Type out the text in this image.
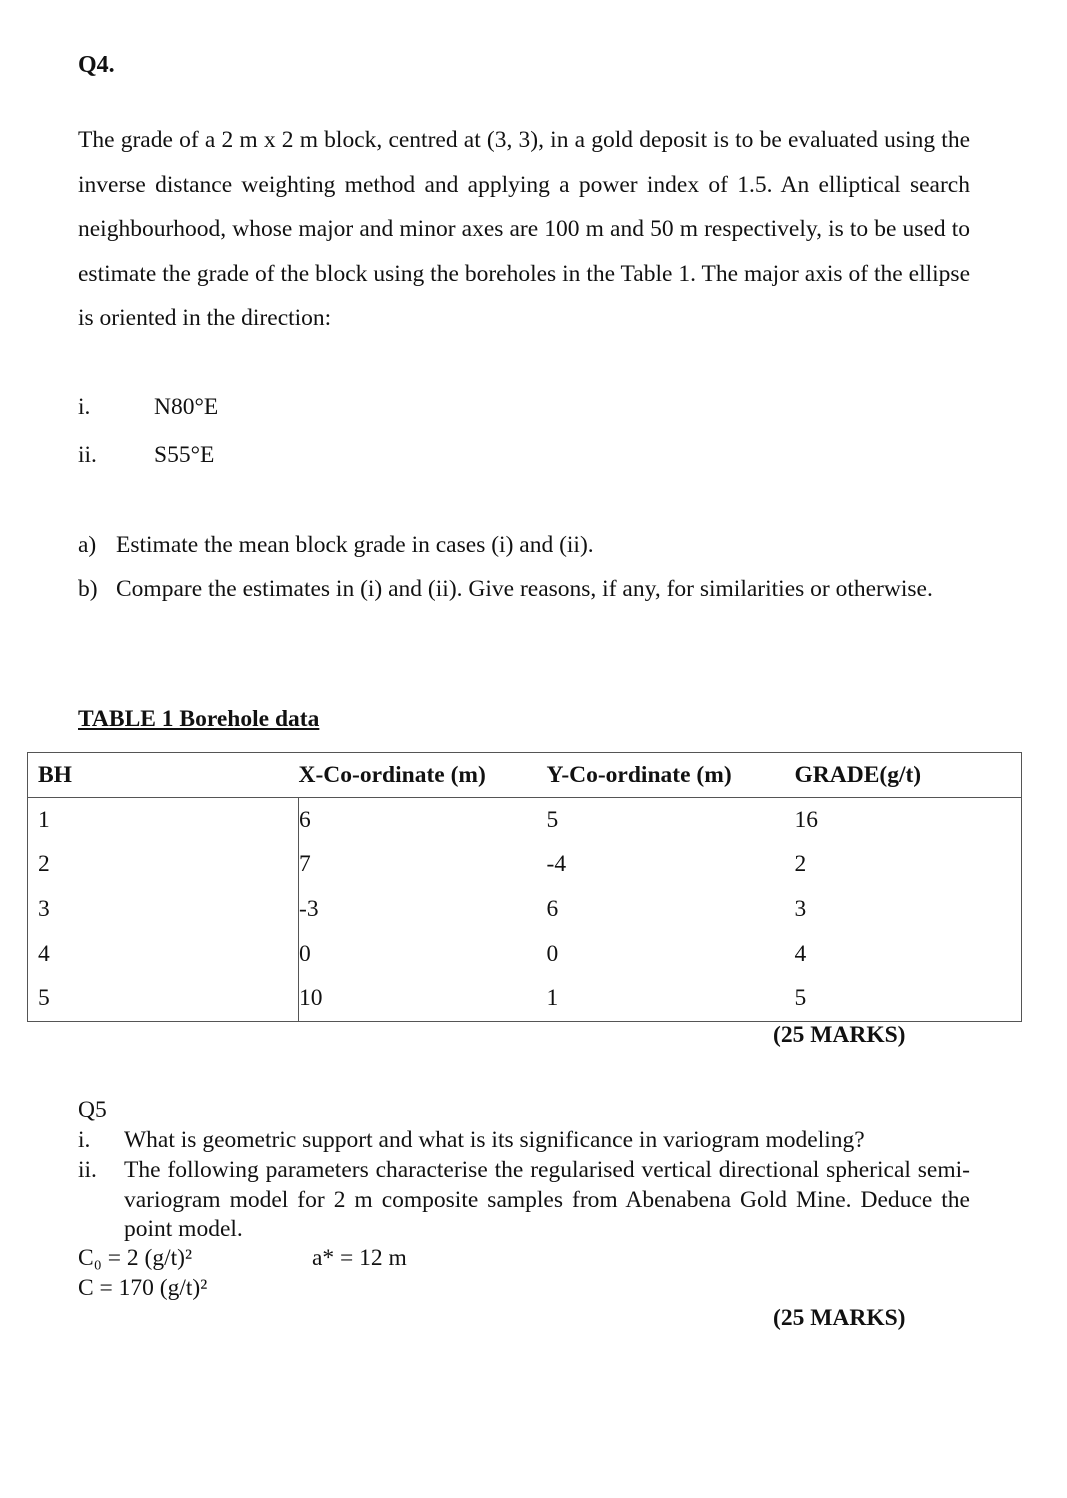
Q4.
The grade of a 2 m x 2 m block, centred at (3, 3), in a gold deposit is to be evaluated using the inverse distance weighting method and applying a power index of 1.5. An elliptical search neighbourhood, whose major and minor axes are 100 m and 50 m respectively, is to be used to estimate the grade of the block using the boreholes in the Table 1. The major axis of the ellipse is oriented in the direction:
i.	N80°E
ii. S55°E
a) Estimate the mean block grade in cases (i) and (ii).
b) Compare the estimates in (i) and (ii). Give reasons, if any, for similarities or otherwise.
TABLE 1 Borehole data
BH	X-Co-ordinate (m)	Y-Co-ordinate (m)	GRADE(g/t)
1	6	5	16
2	7	-4	2
3	-3	6	3
4	0	0	4
5	10	1	5
(25 MARKS)
Q5
i. What is geometric support and what is its significance in variogram modeling?
ii. The following parameters characterise the regularised vertical directional spherical semi-variogram model for 2 m composite samples from Abenabena Gold Mine. Deduce the point model.
C₀ = 2 (g/t)²	a* = 12 m
C = 170 (g/t)²
(25 MARKS)
